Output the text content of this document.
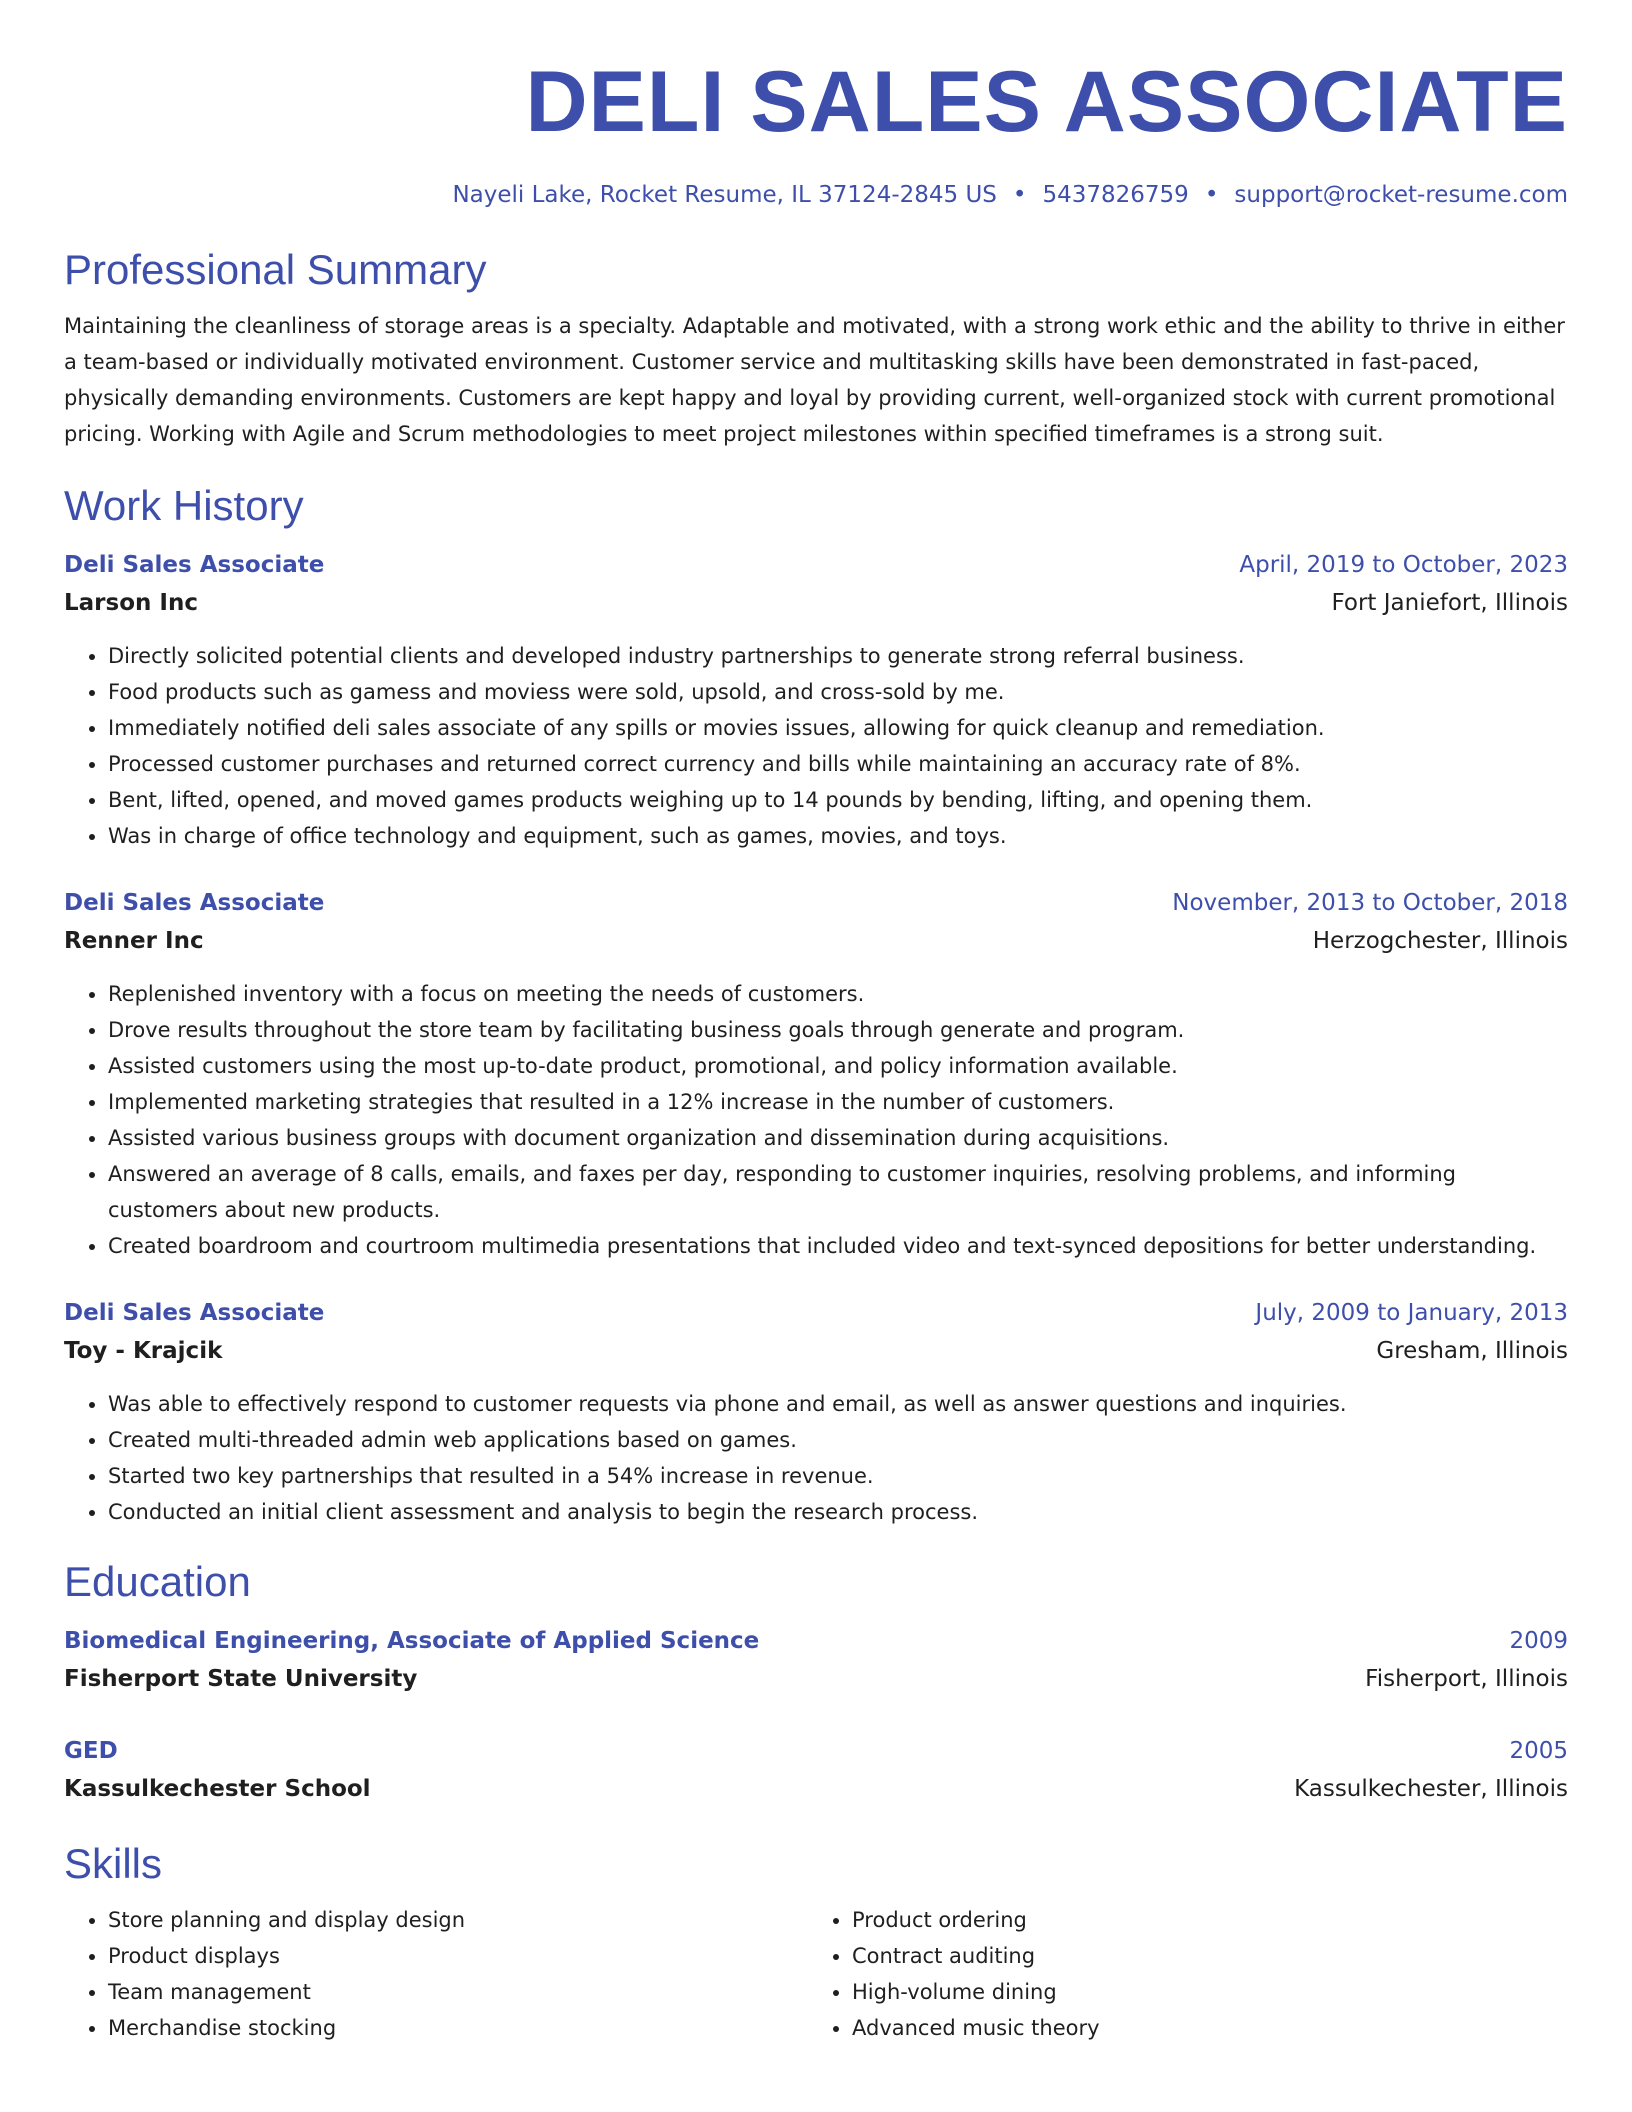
DELI SALES ASSOCIATE
Nayeli Lake, Rocket Resume, IL 37124-2845 US • 5437826759 • support@rocket-resume.com
Professional Summary

Maintaining the cleanliness of storage areas is a specialty. Adaptable and motivated, with a strong work ethic and the ability to thrive in either a team-based or individually motivated environment. Customer service and multitasking skills have been demonstrated in fast-paced, physically demanding environments. Customers are kept happy and loyal by providing current, well-organized stock with current promotional pricing. Working with Agile and Scrum methodologies to meet project milestones within specified timeframes is a strong suit.

Work History
Deli Sales Associate	April, 2019 to October, 2023
Larson Inc	Fort Janiefort, Illinois
• Directly solicited potential clients and developed industry partnerships to generate strong referral business.
• Food products such as gamess and moviess were sold, upsold, and cross-sold by me.
• Immediately notified deli sales associate of any spills or movies issues, allowing for quick cleanup and remediation.
• Processed customer purchases and returned correct currency and bills while maintaining an accuracy rate of 8%.
• Bent, lifted, opened, and moved games products weighing up to 14 pounds by bending, lifting, and opening them.
• Was in charge of office technology and equipment, such as games, movies, and toys.
Deli Sales Associate	November, 2013 to October, 2018
Renner Inc	Herzogchester, Illinois
• Replenished inventory with a focus on meeting the needs of customers.
• Drove results throughout the store team by facilitating business goals through generate and program.
• Assisted customers using the most up-to-date product, promotional, and policy information available.
• Implemented marketing strategies that resulted in a 12% increase in the number of customers.
• Assisted various business groups with document organization and dissemination during acquisitions.
• Answered an average of 8 calls, emails, and faxes per day, responding to customer inquiries, resolving problems, and informing customers about new products.
• Created boardroom and courtroom multimedia presentations that included video and text-synced depositions for better understanding.
Deli Sales Associate	July, 2009 to January, 2013
Toy - Krajcik	Gresham, Illinois
• Was able to effectively respond to customer requests via phone and email, as well as answer questions and inquiries.
• Created multi-threaded admin web applications based on games.
• Started two key partnerships that resulted in a 54% increase in revenue.
• Conducted an initial client assessment and analysis to begin the research process.
Education
Biomedical Engineering, Associate of Applied Science	2009
Fisherport State University	Fisherport, Illinois
GED	2005
Kassulkechester School	Kassulkechester, Illinois
Skills
• Store planning and display design
• Product displays
• Team management
• Merchandise stocking
• Product ordering
• Contract auditing
• High-volume dining
• Advanced music theory
